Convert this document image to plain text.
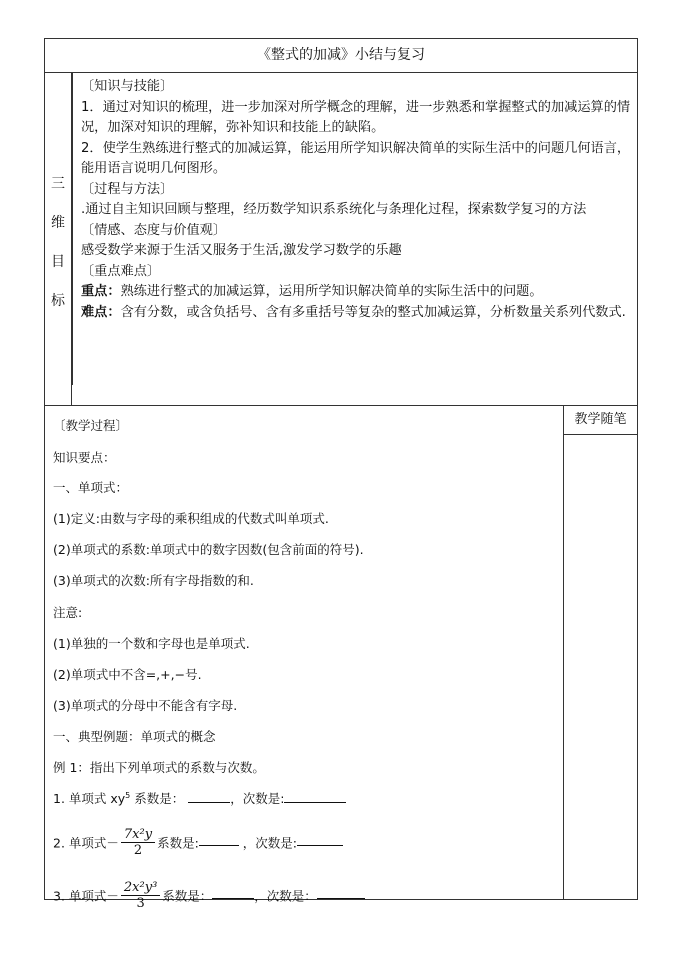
《整式的加减》小结与复习
三
维
目
标

〔知识与技能〕

1．通过对知识的梳理，进一步加深对所学概念的理解，进一步熟悉和掌握整式的加减运算的情况，加深对知识的理解，弥补知识和技能上的缺陷。

2．使学生熟练进行整式的加减运算，能运用所学知识解决简单的实际生活中的问题几何语言，能用语言说明几何图形。

〔过程与方法〕

.通过自主知识回顾与整理，经历数学知识系系统化与条理化过程，探索数学复习的方法

〔情感、态度与价值观〕

感受数学来源于生活又服务于生活,激发学习数学的乐趣

〔重点难点〕

重点：熟练进行整式的加减运算，运用所学知识解决简单的实际生活中的问题。

难点：含有分数，或含负括号、含有多重括号等复杂的整式加减运算，分析数量关系列代数式.

〔教学过程〕
知识要点：
一、单项式：
(1)定义:由数与字母的乘积组成的代数式叫单项式.
(2)单项式的系数:单项式中的数字因数(包含前面的符号).
(3)单项式的次数:所有字母指数的和.
注意:
(1)单独的一个数和字母也是单项式.
(2)单项式中不含=,+,−号.
(3)单项式的分母中不能含有字母.
一、典型例题：单项式的概念
例 1：指出下列单项式的系数与次数。
1. 单项式 $xy^5$ 系数是：	，次数是:
2. 单项式－ $\frac{\text{7x²y}}{2}$ 系数是:	，次数是:
3. 单项式－ $\frac{\text{2x²y³}}{3}$ 系数是：	，次数是：
教学随笔
